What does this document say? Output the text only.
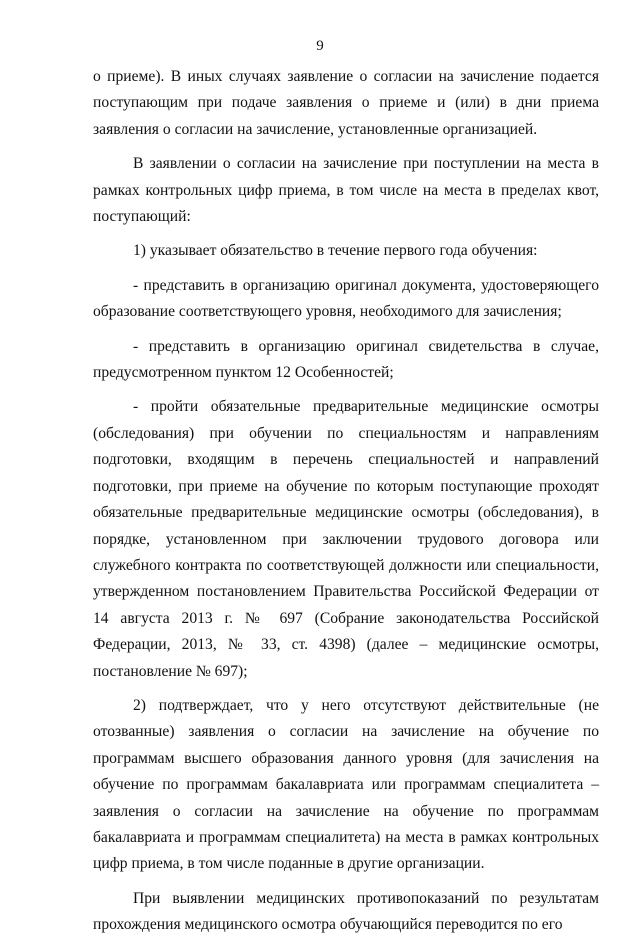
9

о приеме). В иных случаях заявление о согласии на зачисление подается поступающим при подаче заявления о приеме и (или) в дни приема заявления о согласии на зачисление, установленные организацией.

В заявлении о согласии на зачисление при поступлении на места в рамках контрольных цифр приема, в том числе на места в пределах квот, поступающий:

1) указывает обязательство в течение первого года обучения:

- представить в организацию оригинал документа, удостоверяющего образование соответствующего уровня, необходимого для зачисления;

- представить в организацию оригинал свидетельства в случае, предусмотренном пунктом 12 Особенностей;

- пройти обязательные предварительные медицинские осмотры (обследования) при обучении по специальностям и направлениям подготовки, входящим в перечень специальностей и направлений подготовки, при приеме на обучение по которым поступающие проходят обязательные предварительные медицинские осмотры (обследования), в порядке, установленном при заключении трудового договора или служебного контракта по соответствующей должности или специальности, утвержденном постановлением Правительства Российской Федерации от 14 августа 2013 г. № 697 (Собрание законодательства Российской Федерации, 2013, № 33, ст. 4398) (далее – медицинские осмотры, постановление № 697);

2) подтверждает, что у него отсутствуют действительные (не отозванные) заявления о согласии на зачисление на обучение по программам высшего образования данного уровня (для зачисления на обучение по программам бакалавриата или программам специалитета – заявления о согласии на зачисление на обучение по программам бакалавриата и программам специалитета) на места в рамках контрольных цифр приема, в том числе поданные в другие организации.

При выявлении медицинских противопоказаний по результатам прохождения медицинского осмотра обучающийся переводится по его
